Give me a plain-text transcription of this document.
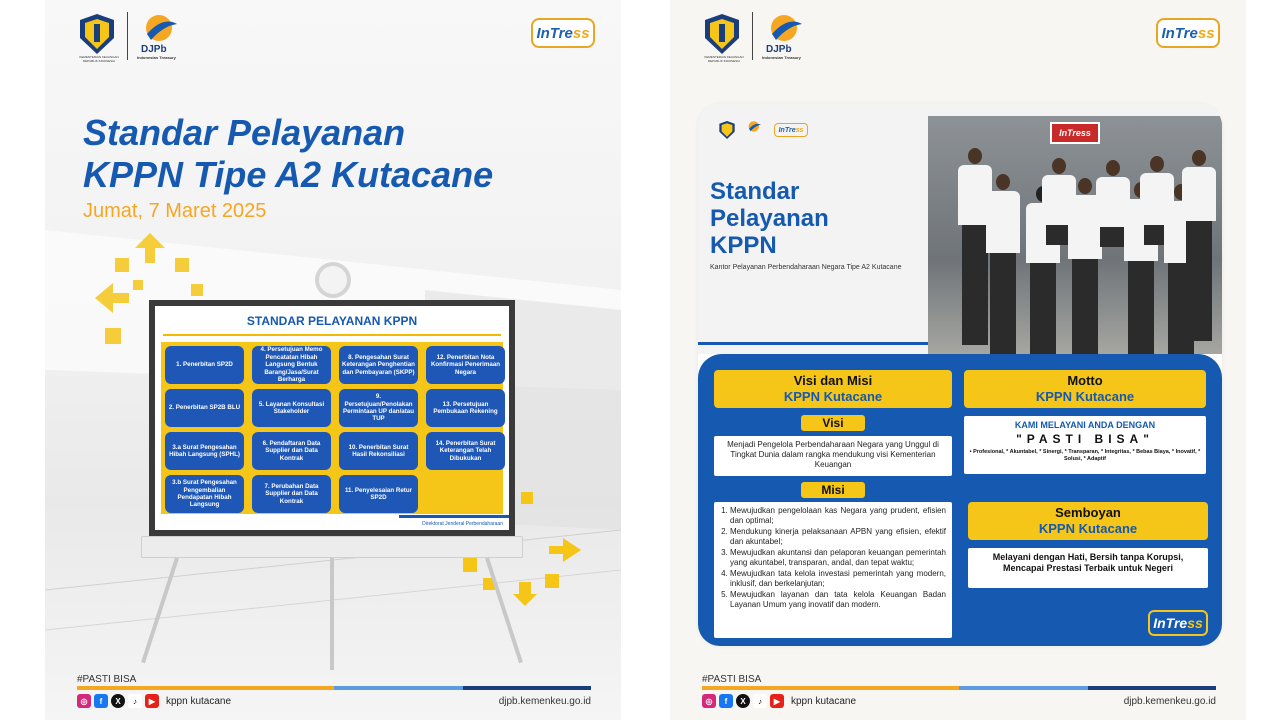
KEMENTERIAN KEUANGAN REPUBLIK INDONESIA
DJPb
Indonesian Treasury
InTre ss
Standar Pelayanan
KPPN Tipe A2 Kutacane
Jumat, 7 Maret 2025
STANDAR PELAYANAN KPPN
1. Penerbitan SP2D
4. Persetujuan Memo Pencatatan Hibah Langsung Bentuk Barang/Jasa/Surat Berharga
8. Pengesahan Surat Keterangan Penghentian dan Pembayaran (SKPP)
12. Penerbitan Nota Konfirmasi Penerimaan Negara
2. Penerbitan SP2B BLU
5. Layanan Konsultasi Stakeholder
9. Persetujuan/Penolakan Permintaan UP dan/atau TUP
13. Persetujuan Pembukaan Rekening
3.a Surat Pengesahan Hibah Langsung (SPHL)
6. Pendaftaran Data Supplier dan Data Kontrak
10. Penerbitan Surat Hasil Rekonsiliasi
14. Penerbitan Surat Keterangan Telah Dibukukan
3.b Surat Pengesahan Pengembalian Pendapatan Hibah Langsung
7. Perubahan Data Supplier dan Data Kontrak
11. Penyelesaian Retur SP2D
Direktorat Jenderal Perbendaharaan
#PASTI BISA
◎	f	X	♪	▶	kppn kutacane	djpb.kemenkeu.go.id
KEMENTERIAN KEUANGAN REPUBLIK INDONESIA
DJPb
Indonesian Treasury
InTre ss
InTre ss
Standar
Pelayanan
KPPN
Kantor Pelayanan Perbendaharaan Negara Tipe A2 Kutacane
InTress
Visi dan Misi
KPPN Kutacane
Visi
Menjadi Pengelola Perbendaharaan Negara yang Unggul di Tingkat Dunia dalam rangka mendukung visi Kementerian Keuangan
Misi
1. Mewujudkan pengelolaan kas Negara yang prudent, efisien dan optimal;
2. Mendukung kinerja pelaksanaan APBN yang efisien, efektif dan akuntabel;
3. Mewujudkan akuntansi dan pelaporan keuangan pemerintah yang akuntabel, transparan, andal, dan tepat waktu;
4. Mewujudkan tata kelola investasi pemerintah yang modern, inklusif, dan berkelanjutan;
5. Mewujudkan layanan dan tata kelola Keuangan Badan Layanan Umum yang inovatif dan modern.
Motto
KPPN Kutacane
KAMI MELAYANI ANDA DENGAN
"PASTI BISA"
• Profesional, * Akuntabel, * Sinergi, * Transparan, * Integritas, * Bebas Biaya, * Inovatif, * Solusi, * Adaptif
Semboyan
KPPN Kutacane
Melayani dengan Hati, Bersih tanpa Korupsi, Mencapai Prestasi Terbaik untuk Negeri
InTre ss
#PASTI BISA
◎	f	X	♪	▶	kppn kutacane	djpb.kemenkeu.go.id
